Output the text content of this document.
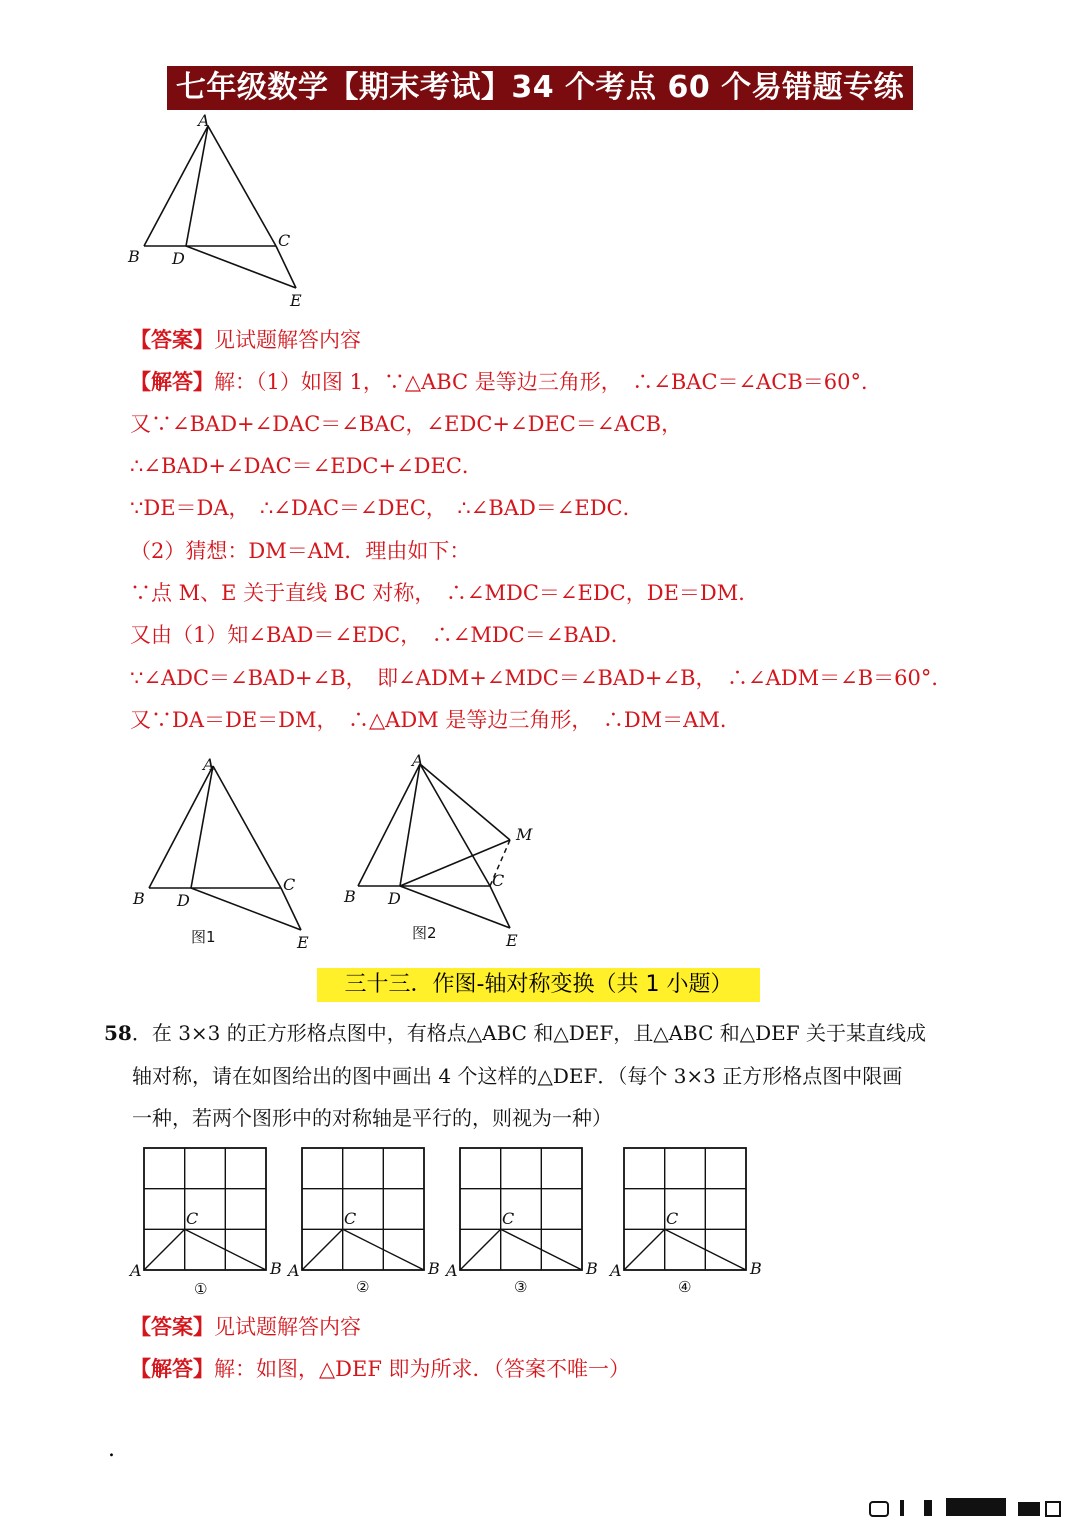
七年级数学【期末考试】34 个考点 60 个易错题专练
A
B D
C
E
【答案】见试题解答内容
【解答】解：（1）如图 1，∵△ABC 是等边三角形，　∴∠BAC＝∠ACB＝60°．
又∵∠BAD+∠DAC＝∠BAC，∠EDC+∠DEC＝∠ACB，
∴∠BAD+∠DAC＝∠EDC+∠DEC．
∵DE＝DA，　∴∠DAC＝∠DEC，　∴∠BAD＝∠EDC．
（2）猜想：DM＝AM．理由如下：
∵点 M、E 关于直线 BC 对称，　∴∠MDC＝∠EDC，DE＝DM．
又由（1）知∠BAD＝∠EDC，　∴∠MDC＝∠BAD．
∵∠ADC＝∠BAD+∠B，　即∠ADM+∠MDC＝∠BAD+∠B，　∴∠ADM＝∠B＝60°．
又∵DA＝DE＝DM，　∴△ADM 是等边三角形，　∴DM＝AM．
A
B D
C
E
图1
A
B D
C
E
M
图2
三十三．作图-轴对称变换（共 1 小题）
58．在 3×3 的正方形格点图中，有格点△ABC 和△DEF，且△ABC 和△DEF 关于某直线成
轴对称，请在如图给出的图中画出 4 个这样的△DEF．（每个 3×3 正方形格点图中限画
一种，若两个图形中的对称轴是平行的，则视为一种）
A	B
C
①
A	B
C
②
A	B
C
③
A	B
C
④
【答案】见试题解答内容
【解答】解：如图，△DEF 即为所求．（答案不唯一）
.
